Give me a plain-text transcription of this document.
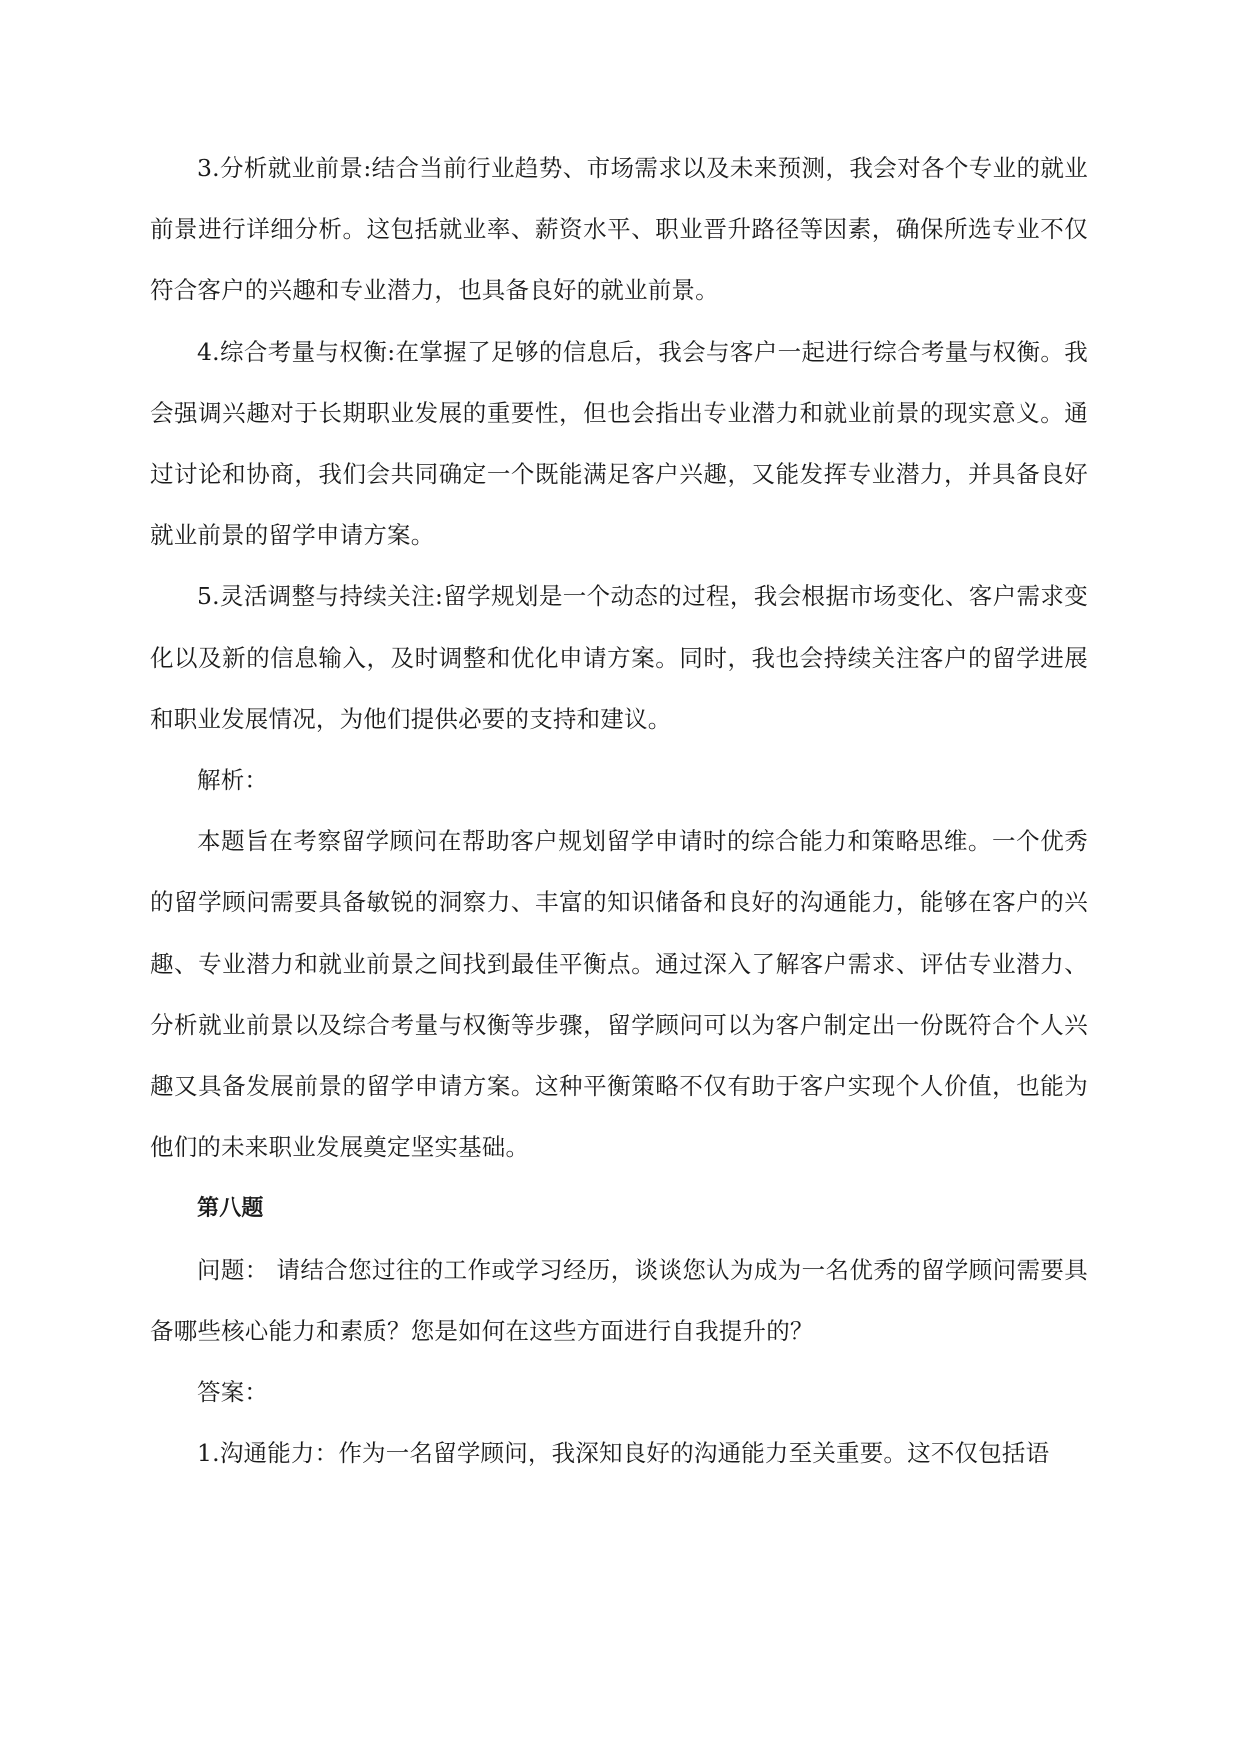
3.分析就业前景:结合当前行业趋势、市场需求以及未来预测，我会对各个专业的就业前景进行详细分析。这包括就业率、薪资水平、职业晋升路径等因素，确保所选专业不仅符合客户的兴趣和专业潜力，也具备良好的就业前景。

4.综合考量与权衡:在掌握了足够的信息后，我会与客户一起进行综合考量与权衡。我会强调兴趣对于长期职业发展的重要性，但也会指出专业潜力和就业前景的现实意义。通过讨论和协商，我们会共同确定一个既能满足客户兴趣，又能发挥专业潜力，并具备良好就业前景的留学申请方案。

5.灵活调整与持续关注:留学规划是一个动态的过程，我会根据市场变化、客户需求变化以及新的信息输入，及时调整和优化申请方案。同时，我也会持续关注客户的留学进展和职业发展情况，为他们提供必要的支持和建议。

解析：

本题旨在考察留学顾问在帮助客户规划留学申请时的综合能力和策略思维。一个优秀的留学顾问需要具备敏锐的洞察力、丰富的知识储备和良好的沟通能力，能够在客户的兴趣、专业潜力和就业前景之间找到最佳平衡点。通过深入了解客户需求、评估专业潜力、分析就业前景以及综合考量与权衡等步骤，留学顾问可以为客户制定出一份既符合个人兴趣又具备发展前景的留学申请方案。这种平衡策略不仅有助于客户实现个人价值，也能为他们的未来职业发展奠定坚实基础。

第八题

问题： 请结合您过往的工作或学习经历，谈谈您认为成为一名优秀的留学顾问需要具备哪些核心能力和素质？您是如何在这些方面进行自我提升的？

答案：

1.沟通能力：作为一名留学顾问，我深知良好的沟通能力至关重要。这不仅包括语
